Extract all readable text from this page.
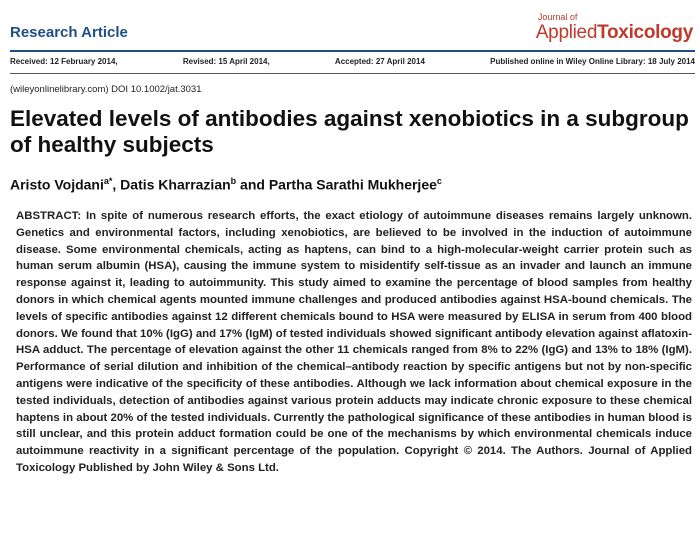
Research Article
Journal of
AppliedToxicology
Received: 12 February 2014,	Revised: 15 April 2014,	Accepted: 27 April 2014	Published online in Wiley Online Library: 18 July 2014
(wileyonlinelibrary.com) DOI 10.1002/jat.3031
Elevated levels of antibodies against xenobiotics in a subgroup of healthy subjects
Aristo Vojdani$^{a*}$, Datis Kharrazian$^b$ and Partha Sarathi Mukherjee$^c$

ABSTRACT: In spite of numerous research efforts, the exact etiology of autoimmune diseases remains largely unknown. Genetics and environmental factors, including xenobiotics, are believed to be involved in the induction of autoimmune disease. Some environmental chemicals, acting as haptens, can bind to a high-molecular-weight carrier protein such as human serum albumin (HSA), causing the immune system to misidentify self-tissue as an invader and launch an immune response against it, leading to autoimmunity. This study aimed to examine the percentage of blood samples from healthy donors in which chemical agents mounted immune challenges and produced antibodies against HSA-bound chemicals. The levels of specific antibodies against 12 different chemicals bound to HSA were measured by ELISA in serum from 400 blood donors. We found that 10% (IgG) and 17% (IgM) of tested individuals showed significant antibody elevation against aflatoxin-HSA adduct. The percentage of elevation against the other 11 chemicals ranged from 8% to 22% (IgG) and 13% to 18% (IgM). Performance of serial dilution and inhibition of the chemical–antibody reaction by specific antigens but not by non-specific antigens were indicative of the specificity of these antibodies. Although we lack information about chemical exposure in the tested individuals, detection of antibodies against various protein adducts may indicate chronic exposure to these chemical haptens in about 20% of the tested individuals. Currently the pathological significance of these antibodies in human blood is still unclear, and this protein adduct formation could be one of the mechanisms by which environmental chemicals induce autoimmune reactivity in a significant percentage of the population. Copyright © 2014. The Authors. Journal of Applied Toxicology Published by John Wiley & Sons Ltd.
